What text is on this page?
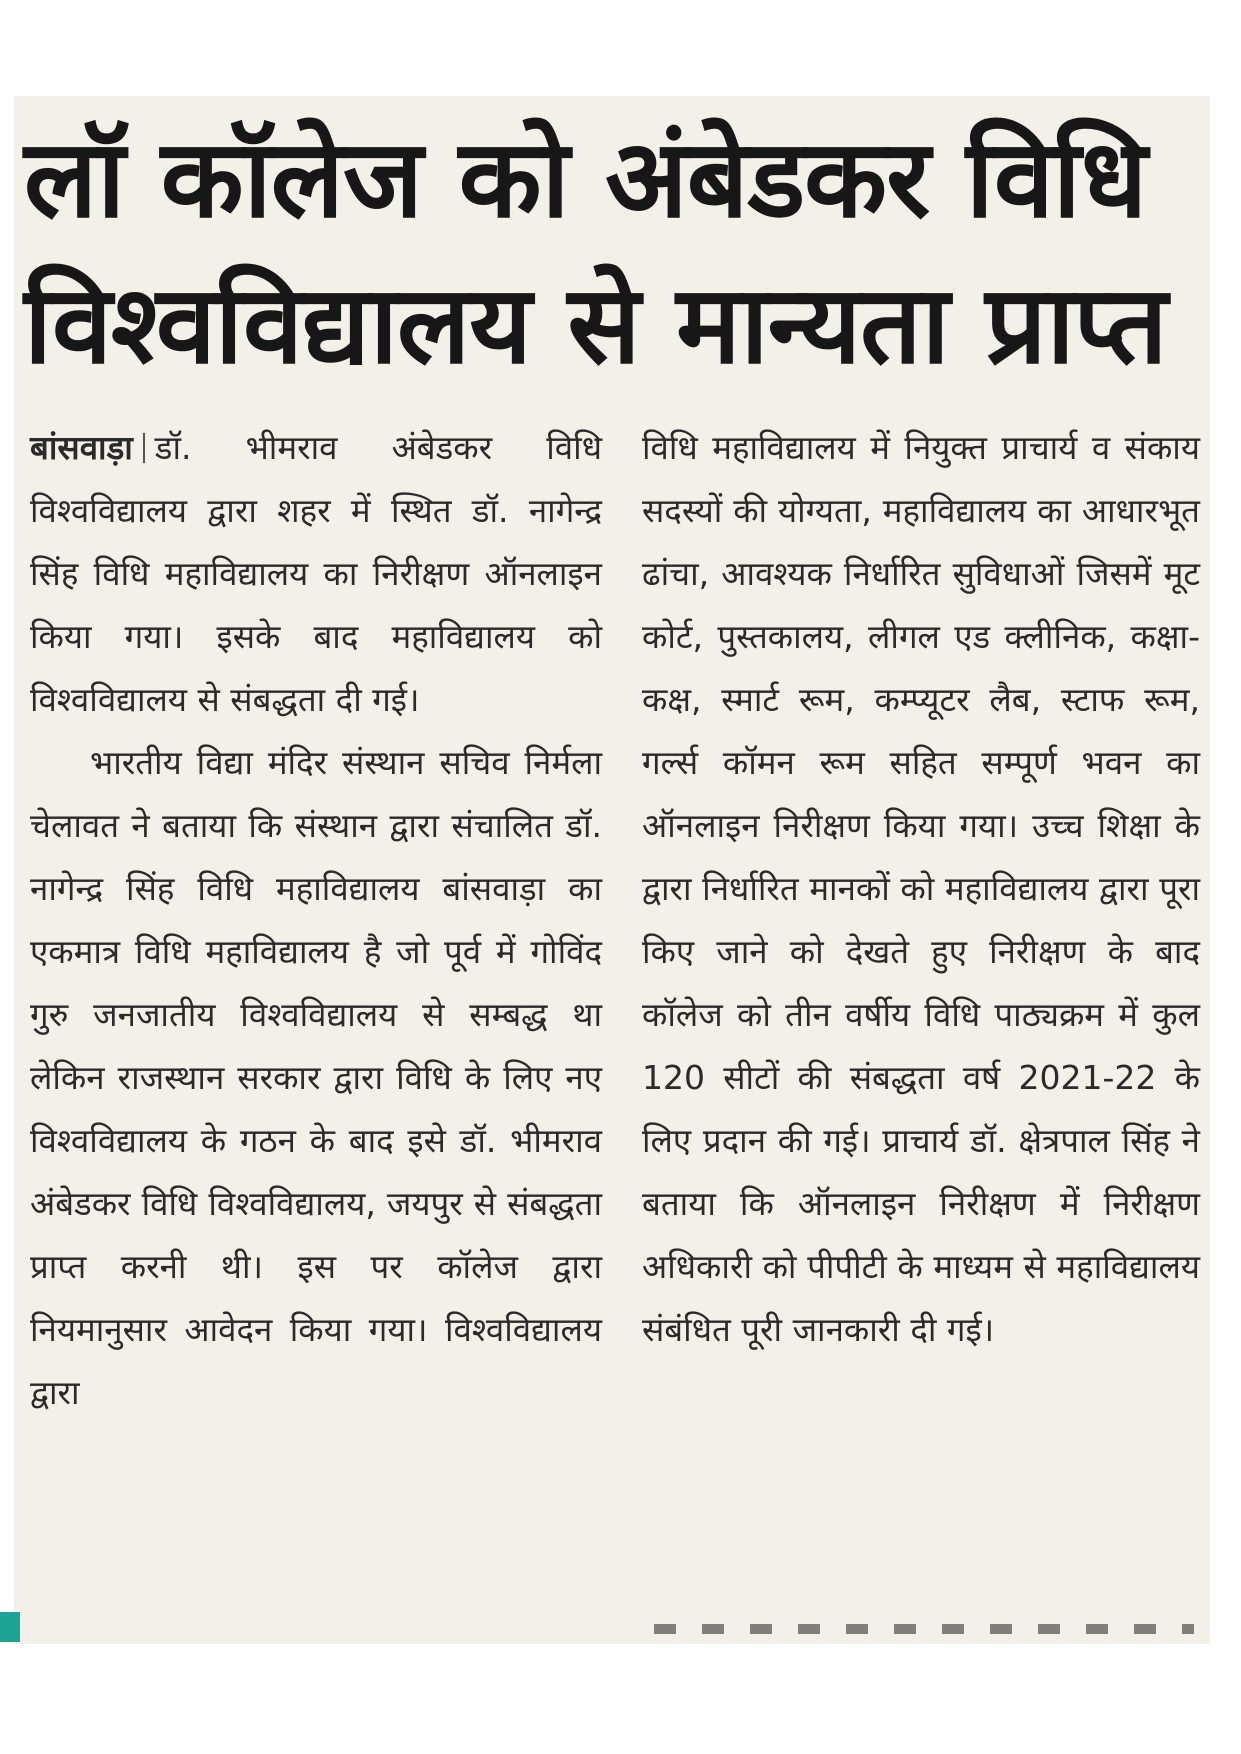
लॉ कॉलेज को अंबेडकर विधि
विश्वविद्यालय से मान्यता प्राप्त

बांसवाड़ा डॉ. भीमराव अंबेडकर विधि विश्वविद्यालय द्वारा शहर में स्थित डॉ. नागेन्द्र सिंह विधि महाविद्यालय का निरीक्षण ऑनलाइन किया गया। इसके बाद महाविद्यालय को विश्वविद्यालय से संबद्धता दी गई।

भारतीय विद्या मंदिर संस्थान सचिव निर्मला चेलावत ने बताया कि संस्थान द्वारा संचालित डॉ. नागेन्द्र सिंह विधि महाविद्यालय बांसवाड़ा का एकमात्र विधि महाविद्यालय है जो पूर्व में गोविंद गुरु जनजातीय विश्वविद्यालय से सम्बद्ध था लेकिन राजस्थान सरकार द्वारा विधि के लिए नए विश्वविद्यालय के गठन के बाद इसे डॉ. भीमराव अंबेडकर विधि विश्वविद्यालय, जयपुर से संबद्धता प्राप्त करनी थी। इस पर कॉलेज द्वारा नियमानुसार आवेदन किया गया। विश्वविद्यालय द्वारा

विधि महाविद्यालय में नियुक्त प्राचार्य व संकाय सदस्यों की योग्यता, महाविद्यालय का आधारभूत ढांचा, आवश्यक निर्धारित सुविधाओं जिसमें मूट कोर्ट, पुस्तकालय, लीगल एड क्लीनिक, कक्षा-कक्ष, स्मार्ट रूम, कम्प्यूटर लैब, स्टाफ रूम, गर्ल्स कॉमन रूम सहित सम्पूर्ण भवन का ऑनलाइन निरीक्षण किया गया। उच्च शिक्षा के द्वारा निर्धारित मानकों को महाविद्यालय द्वारा पूरा किए जाने को देखते हुए निरीक्षण के बाद कॉलेज को तीन वर्षीय विधि पाठ्यक्रम में कुल 120 सीटों की संबद्धता वर्ष 2021-22 के लिए प्रदान की गई। प्राचार्य डॉ. क्षेत्रपाल सिंह ने बताया कि ऑनलाइन निरीक्षण में निरीक्षण अधिकारी को पीपीटी के माध्यम से महाविद्यालय संबंधित पूरी जानकारी दी गई।
